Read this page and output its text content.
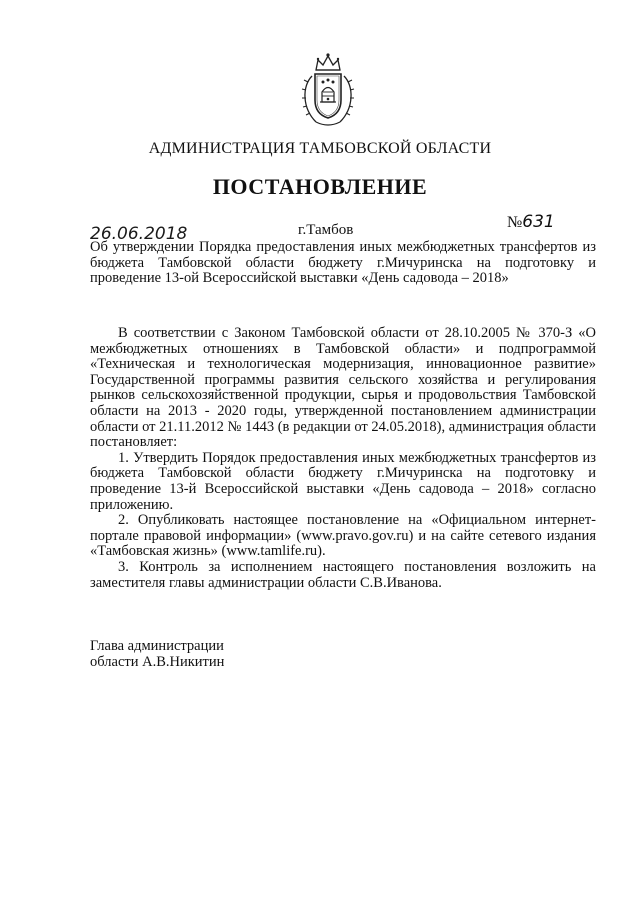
АДМИНИСТРАЦИЯ ТАМБОВСКОЙ ОБЛАСТИ
ПОСТАНОВЛЕНИЕ
26.06.2018	г.Тамбов	№631
Об утверждении Порядка предоставления иных межбюджетных трансфертов из бюджета Тамбовской области бюджету г.Мичуринска на подготовку и проведение 13-ой Всероссийской выставки «День садовода – 2018»

В соответствии с Законом Тамбовской области от 28.10.2005 № 370-З «О межбюджетных отношениях в Тамбовской области» и подпрограммой «Техническая и технологическая модернизация, инновационное развитие» Государственной программы развития сельского хозяйства и регулирования рынков сельскохозяйственной продукции, сырья и продовольствия Тамбовской области на 2013 - 2020 годы, утвержденной постановлением администрации области от 21.11.2012 № 1443 (в редакции от 24.05.2018), администрация области постановляет:

1. Утвердить Порядок предоставления иных межбюджетных трансфертов из бюджета Тамбовской области бюджету г.Мичуринска на подготовку и проведение 13-й Всероссийской выставки «День садовода – 2018» согласно приложению.

2. Опубликовать настоящее постановление на «Официальном интернет-портале правовой информации» (www.pravo.gov.ru) и на сайте сетевого издания «Тамбовская жизнь» (www.tamlife.ru).

3. Контроль за исполнением настоящего постановления возложить на заместителя главы администрации области С.В.Иванова.

Глава администрации
области А.В.Никитин
